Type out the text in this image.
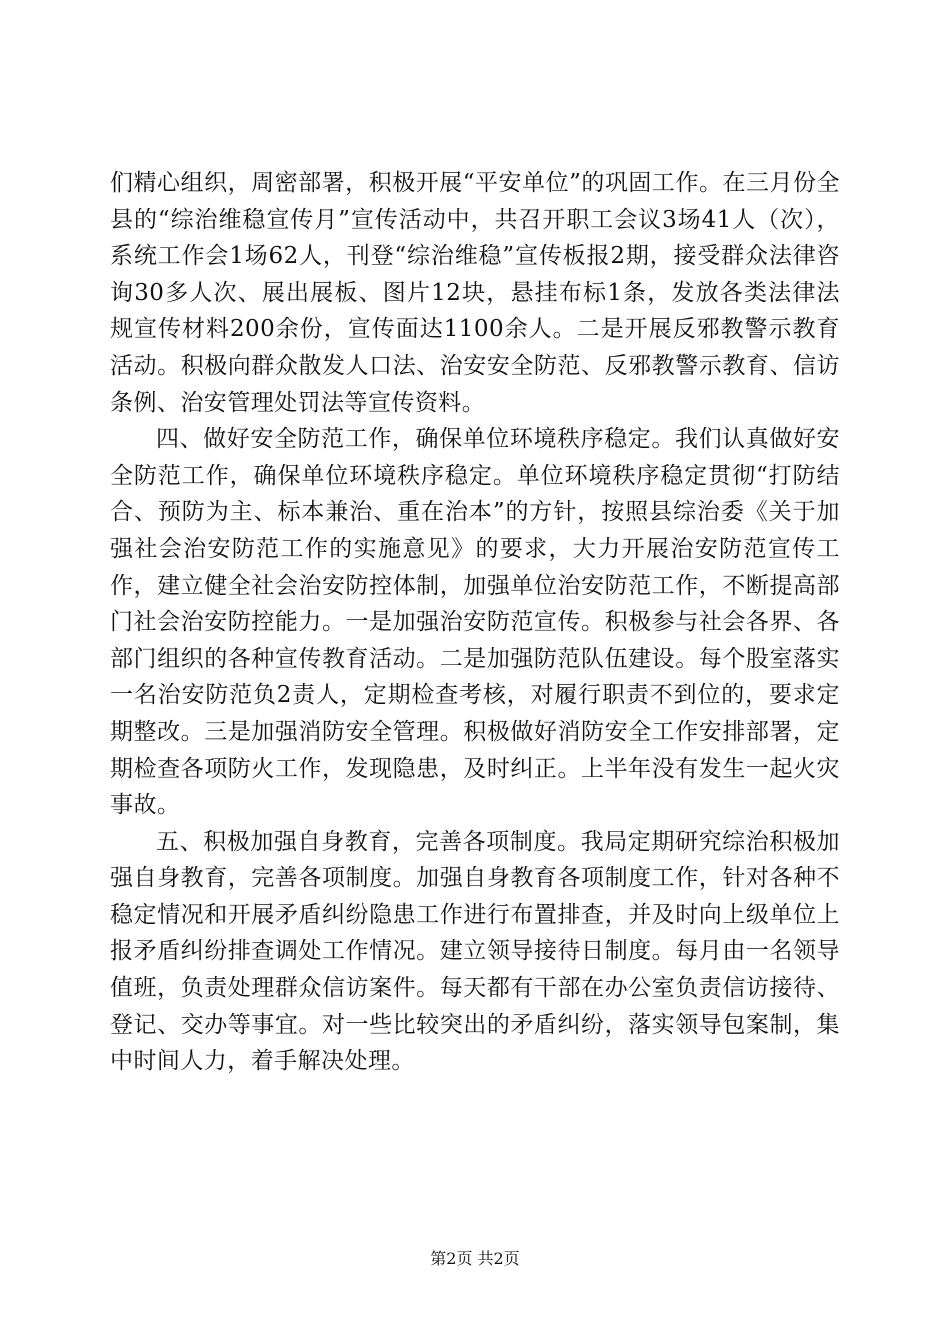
们精心组织，周密部署，积极开展“平安单位”的巩固工作。在三月份全县的“综治维稳宣传月”宣传活动中，共召开职工会议3场41人（次），系统工作会1场62人，刊登“综治维稳”宣传板报2期，接受群众法律咨询30多人次、展出展板、图片12块，悬挂布标1条，发放各类法律法规宣传材料200余份，宣传面达1100余人。二是开展反邪教警示教育活动。积极向群众散发人口法、治安安全防范、反邪教警示教育、信访条例、治安管理处罚法等宣传资料。

四、做好安全防范工作，确保单位环境秩序稳定。我们认真做好安全防范工作，确保单位环境秩序稳定。单位环境秩序稳定贯彻“打防结合、预防为主、标本兼治、重在治本”的方针，按照县综治委《关于加强社会治安防范工作的实施意见》的要求，大力开展治安防范宣传工作，建立健全社会治安防控体制，加强单位治安防范工作，不断提高部门社会治安防控能力。一是加强治安防范宣传。积极参与社会各界、各部门组织的各种宣传教育活动。二是加强防范队伍建设。每个股室落实一名治安防范负2责人，定期检查考核，对履行职责不到位的，要求定期整改。三是加强消防安全管理。积极做好消防安全工作安排部署，定期检查各项防火工作，发现隐患，及时纠正。上半年没有发生一起火灾事故。

五、积极加强自身教育，完善各项制度。我局定期研究综治积极加强自身教育，完善各项制度。加强自身教育各项制度工作，针对各种不稳定情况和开展矛盾纠纷隐患工作进行布置排查，并及时向上级单位上报矛盾纠纷排查调处工作情况。建立领导接待日制度。每月由一名领导值班，负责处理群众信访案件。每天都有干部在办公室负责信访接待、登记、交办等事宜。对一些比较突出的矛盾纠纷，落实领导包案制，集中时间人力，着手解决处理。

第2页 共2页
